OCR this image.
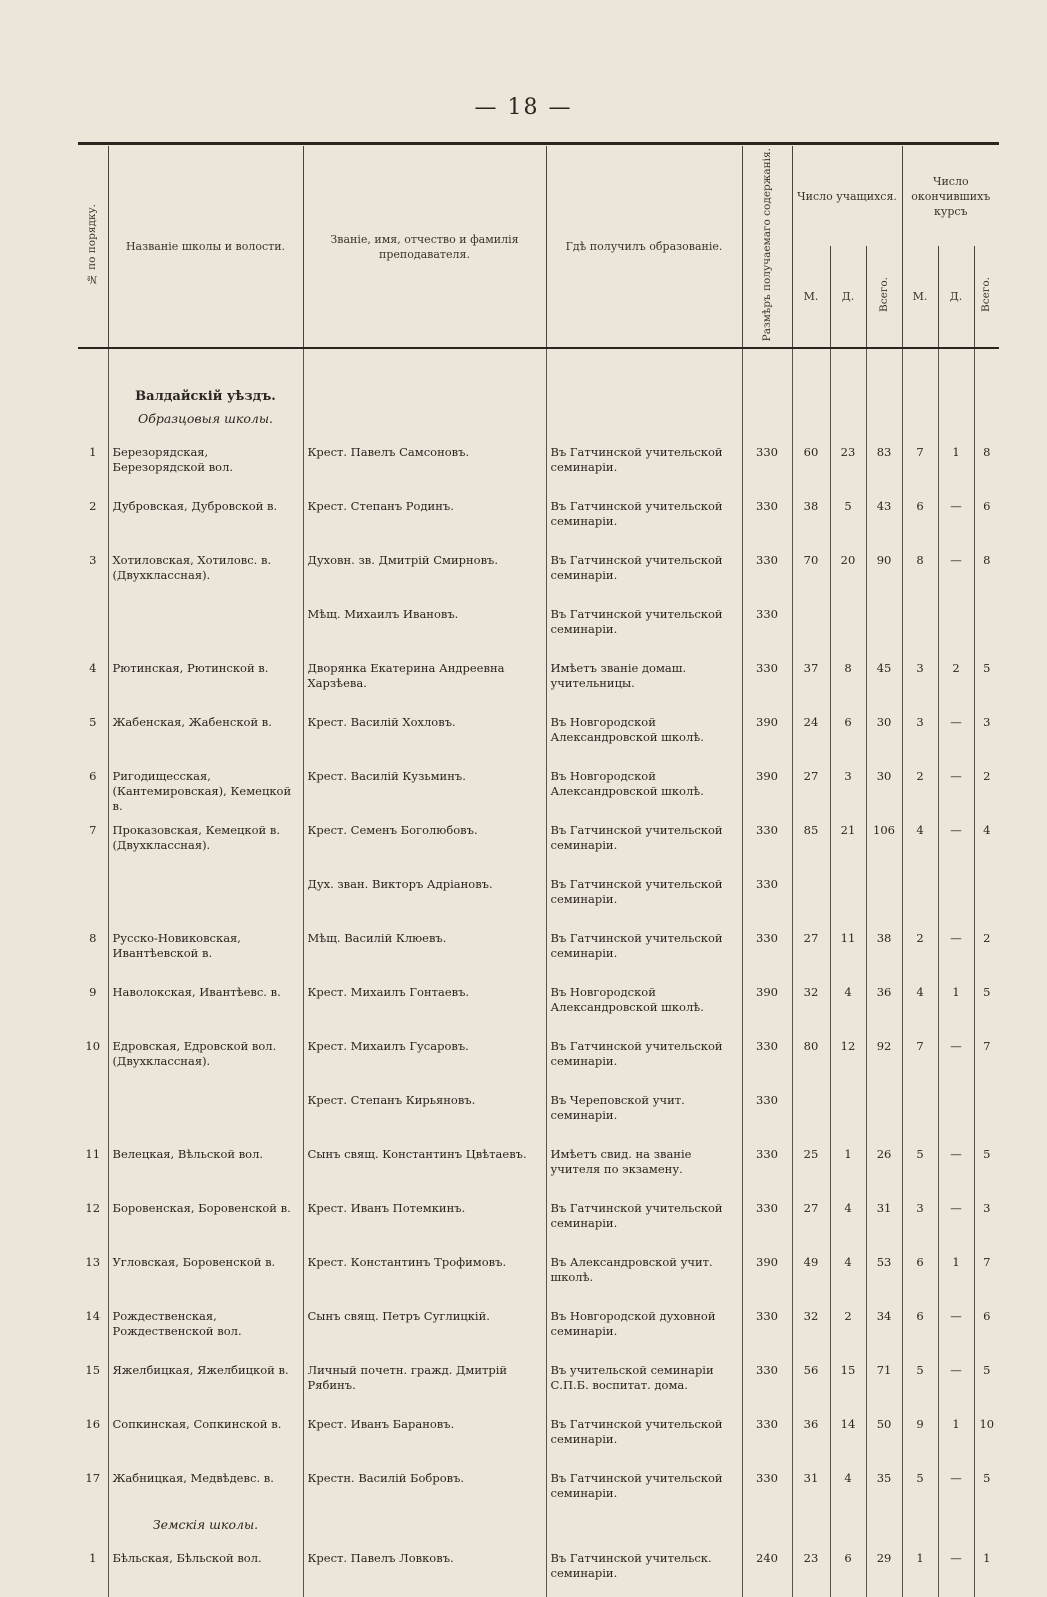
— 18 —
№ по порядку.	Названіе школы и волости.	Званіе, имя, отчество и фамилія преподавателя.	Гдѣ получилъ образованіе.	Размѣръ получаемаго содержанія.	Число учащихся.			Число окончившихъ курсъ		
					М.	Д.	Всего.	М.	Д.	Всего.

	Валдайскій уѣздъ.									
	Образцовыя школы.									
1	Березорядская, Березорядской вол.	Крест. Павелъ Самсоновъ.	Въ Гатчинской учительской семинаріи.	330	60	23	83	7	1	8
2	Дубровская, Дубровской в.	Крест. Степанъ Родинъ.	Въ Гатчинской учительской семинаріи.	330	38	5	43	6	—	6
3	Хотиловская, Хотиловс. в. (Двухклассная).	Духовн. зв. Дмитрій Смирновъ.	Въ Гатчинской учительской семинаріи.	330	70	20	90	8	—	8
		Мѣщ. Михаилъ Ивановъ.	Въ Гатчинской учительской семинаріи.	330						
4	Рютинская, Рютинской в.	Дворянка Екатерина Андреевна Харзѣева.	Имѣетъ званіе домаш. учительницы.	330	37	8	45	3	2	5
5	Жабенская, Жабенской в.	Крест. Василій Хохловъ.	Въ Новгородской Александровской школѣ.	390	24	6	30	3	—	3
6	Ригодищесская, (Кантемировская), Кемецкой в.	Крест. Василій Кузьминъ.	Въ Новгородской Александровской школѣ.	390	27	3	30	2	—	2
7	Проказовская, Кемецкой в. (Двухклассная).	Крест. Семенъ Боголюбовъ.	Въ Гатчинской учительской семинаріи.	330	85	21	106	4	—	4
		Дух. зван. Викторъ Адріановъ.	Въ Гатчинской учительской семинаріи.	330						
8	Русско-Новиковская, Ивантѣевской в.	Мѣщ. Василій Клюевъ.	Въ Гатчинской учительской семинаріи.	330	27	11	38	2	—	2
9	Наволокская, Ивантѣевс. в.	Крест. Михаилъ Гонтаевъ.	Въ Новгородской Александровской школѣ.	390	32	4	36	4	1	5
10	Едровская, Едровской вол. (Двухклассная).	Крест. Михаилъ Гусаровъ.	Въ Гатчинской учительской семинаріи.	330	80	12	92	7	—	7
		Крест. Степанъ Кирьяновъ.	Въ Череповской учит. семинаріи.	330						
11	Велецкая, Вѣльской вол.	Сынъ свящ. Константинъ Цвѣтаевъ.	Имѣетъ свид. на званіе учителя по экзамену.	330	25	1	26	5	—	5
12	Боровенская, Боровенской в.	Крест. Иванъ Потемкинъ.	Въ Гатчинской учительской семинаріи.	330	27	4	31	3	—	3
13	Угловская, Боровенской в.	Крест. Константинъ Трофимовъ.	Въ Александровской учит. школѣ.	390	49	4	53	6	1	7
14	Рождественская, Рождественской вол.	Сынъ свящ. Петръ Суглицкій.	Въ Новгородской духовной семинаріи.	330	32	2	34	6	—	6
15	Яжелбицкая, Яжелбицкой в.	Личный почетн. гражд. Дмитрій Рябинъ.	Въ учительской семинаріи С.П.Б. воспитат. дома.	330	56	15	71	5	—	5
16	Сопкинская, Сопкинской в.	Крест. Иванъ Барановъ.	Въ Гатчинской учительской семинаріи.	330	36	14	50	9	1	10
17	Жабницкая, Медвѣдевс. в.	Крестн. Василій Бобровъ.	Въ Гатчинской учительской семинаріи.	330	31	4	35	5	—	5
	Земскія школы.									
1	Бѣльская, Бѣльской вол.	Крест. Павелъ Ловковъ.	Въ Гатчинской учительск. семинаріи.	240	23	6	29	1	—	1
